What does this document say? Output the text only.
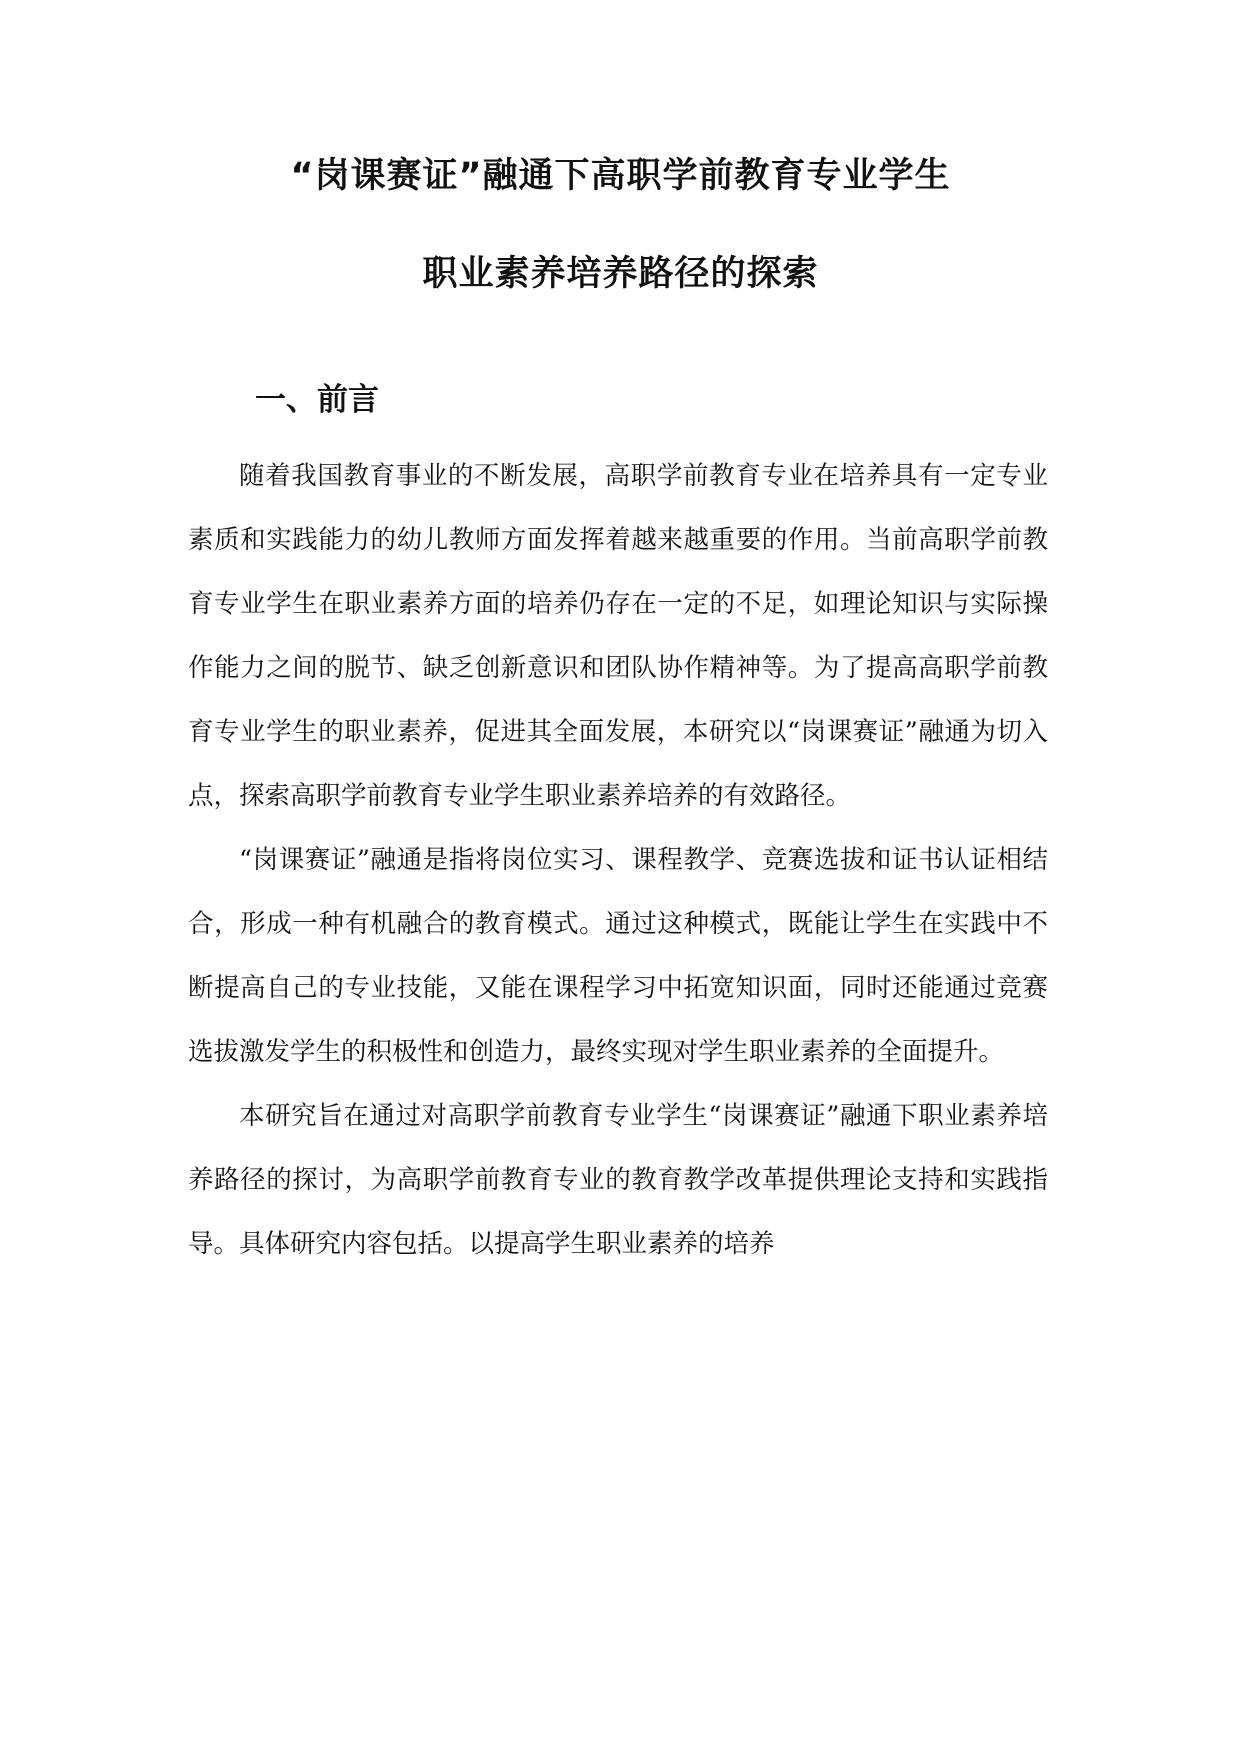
“岗课赛证”融通下高职学前教育专业学生
职业素养培养路径的探索
一、前言

随着我国教育事业的不断发展，高职学前教育专业在培养具有一定专业素质和实践能力的幼儿教师方面发挥着越来越重要的作用。当前高职学前教育专业学生在职业素养方面的培养仍存在一定的不足，如理论知识与实际操作能力之间的脱节、缺乏创新意识和团队协作精神等。为了提高高职学前教育专业学生的职业素养，促进其全面发展，本研究以“岗课赛证”融通为切入点，探索高职学前教育专业学生职业素养培养的有效路径。

“岗课赛证”融通是指将岗位实习、课程教学、竞赛选拔和证书认证相结合，形成一种有机融合的教育模式。通过这种模式，既能让学生在实践中不断提高自己的专业技能，又能在课程学习中拓宽知识面，同时还能通过竞赛选拔激发学生的积极性和创造力，最终实现对学生职业素养的全面提升。

本研究旨在通过对高职学前教育专业学生“岗课赛证”融通下职业素养培养路径的探讨，为高职学前教育专业的教育教学改革提供理论支持和实践指导。具体研究内容包括。以提高学生职业素养的培养
